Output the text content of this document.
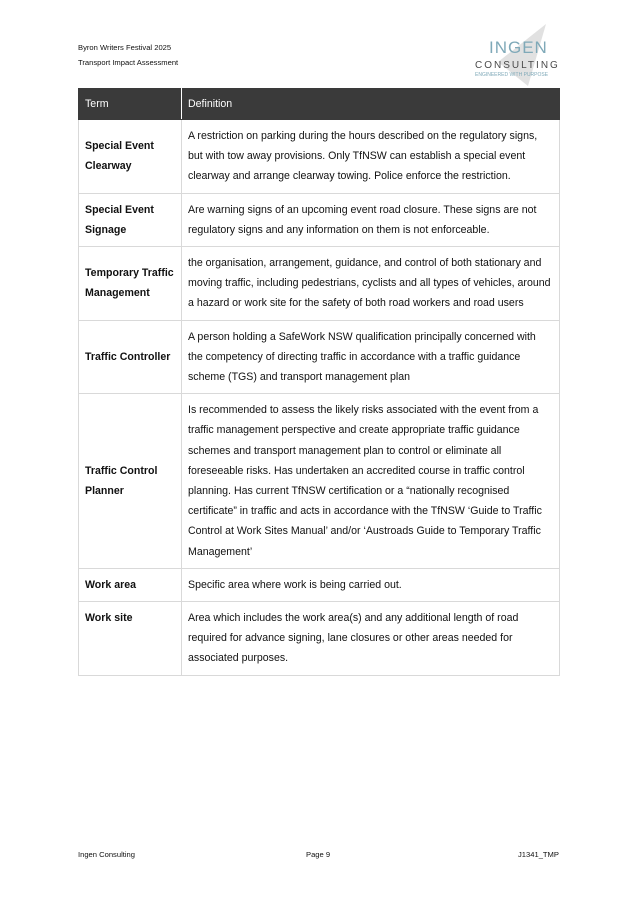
Byron Writers Festival 2025
Transport Impact Assessment
INGEN
CONSULTING
ENGINEERED WITH PURPOSE
Term	Definition
Special Event Clearway	A restriction on parking during the hours described on the regulatory signs, but with tow away provisions. Only TfNSW can establish a special event clearway and arrange clearway towing. Police enforce the restriction.
Special Event Signage	Are warning signs of an upcoming event road closure. These signs are not regulatory signs and any information on them is not enforceable.
Temporary Traffic Management	the organisation, arrangement, guidance, and control of both stationary and moving traffic, including pedestrians, cyclists and all types of vehicles, around a hazard or work site for the safety of both road workers and road users
Traffic Controller	A person holding a SafeWork NSW qualification principally concerned with the competency of directing traffic in accordance with a traffic guidance scheme (TGS) and transport management plan
Traffic Control Planner	Is recommended to assess the likely risks associated with the event from a traffic management perspective and create appropriate traffic guidance schemes and transport management plan to control or eliminate all foreseeable risks. Has undertaken an accredited course in traffic control planning. Has current TfNSW certification or a “nationally recognised certificate” in traffic and acts in accordance with the TfNSW ‘Guide to Traffic Control at Work Sites Manual’ and/or ‘Austroads Guide to Temporary Traffic Management’
Work area	Specific area where work is being carried out.
Work site	Area which includes the work area(s) and any additional length of road required for advance signing, lane closures or other areas needed for associated purposes.
Ingen Consulting	Page 9	J1341_TMP
